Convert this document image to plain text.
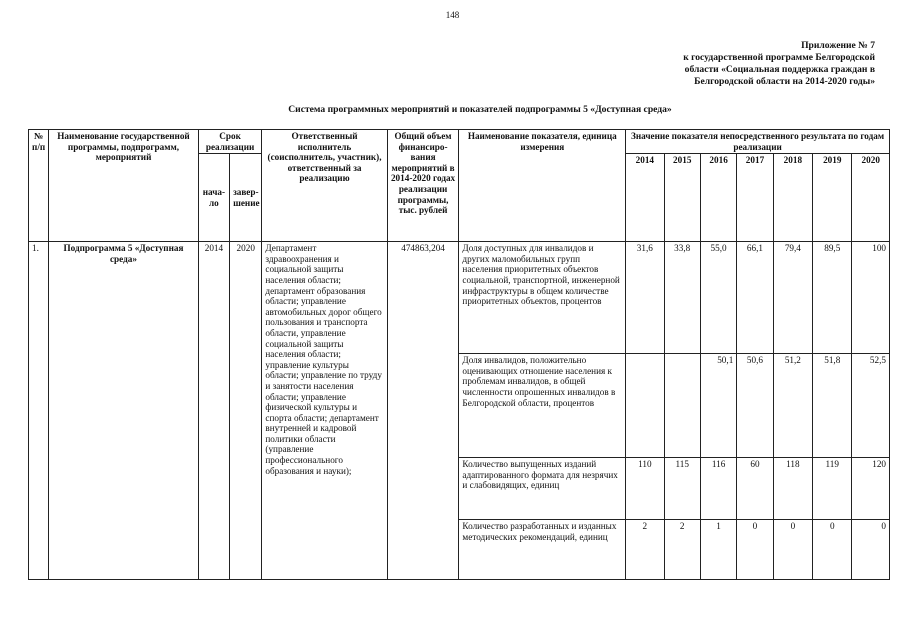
148
Приложение № 7
к государственной программе Белгородской
области «Социальная поддержка граждан в
Белгородской области на 2014-2020 годы»
Система программных мероприятий и показателей подпрограммы 5 «Доступная среда»
№ п/п	Наименование государственной программы, подпрограмм, мероприятий	Срок реализации		Ответственный исполнитель (соисполнитель, участник), ответственный за реализацию	Общий объем финансиро-вания мероприятий в 2014-2020 годах реализации программы, тыс. рублей	Наименование показателя, единица измерения	Значение показателя непосредственного результата по годам реализации						
		нача-ло	завер-шение				2014	2015	2016	2017	2018	2019	2020

1.	Подпрограмма 5 «Доступная среда»	2014	2020	Департамент здравоохранения и социальной защиты населения области; департамент образования области; управление автомобильных дорог общего пользования и транспорта области, управление социальной защиты населения области; управление культуры области; управление по труду и занятости населения области; управление физической культуры и спорта области; департамент внутренней и кадровой политики области (управление профессионального образования и науки);	474863,204	Доля доступных для инвалидов и других маломобильных групп населения приоритетных объектов социальной, транспортной, инженерной инфраструктуры в общем количестве приоритетных объектов, процентов	31,6	33,8	55,0	66,1	79,4	89,5	100
						Доля инвалидов, положительно оценивающих отношение населения к проблемам инвалидов, в общей численности опрошенных инвалидов в Белгородской области, процентов			50,1	50,6	51,2	51,8	52,5
						Количество выпущенных изданий адаптированного формата для незрячих и слабовидящих, единиц	110	115	116	60	118	119	120
						Количество разработанных и изданных методических рекомендаций, единиц	2	2	1	0	0	0	0
